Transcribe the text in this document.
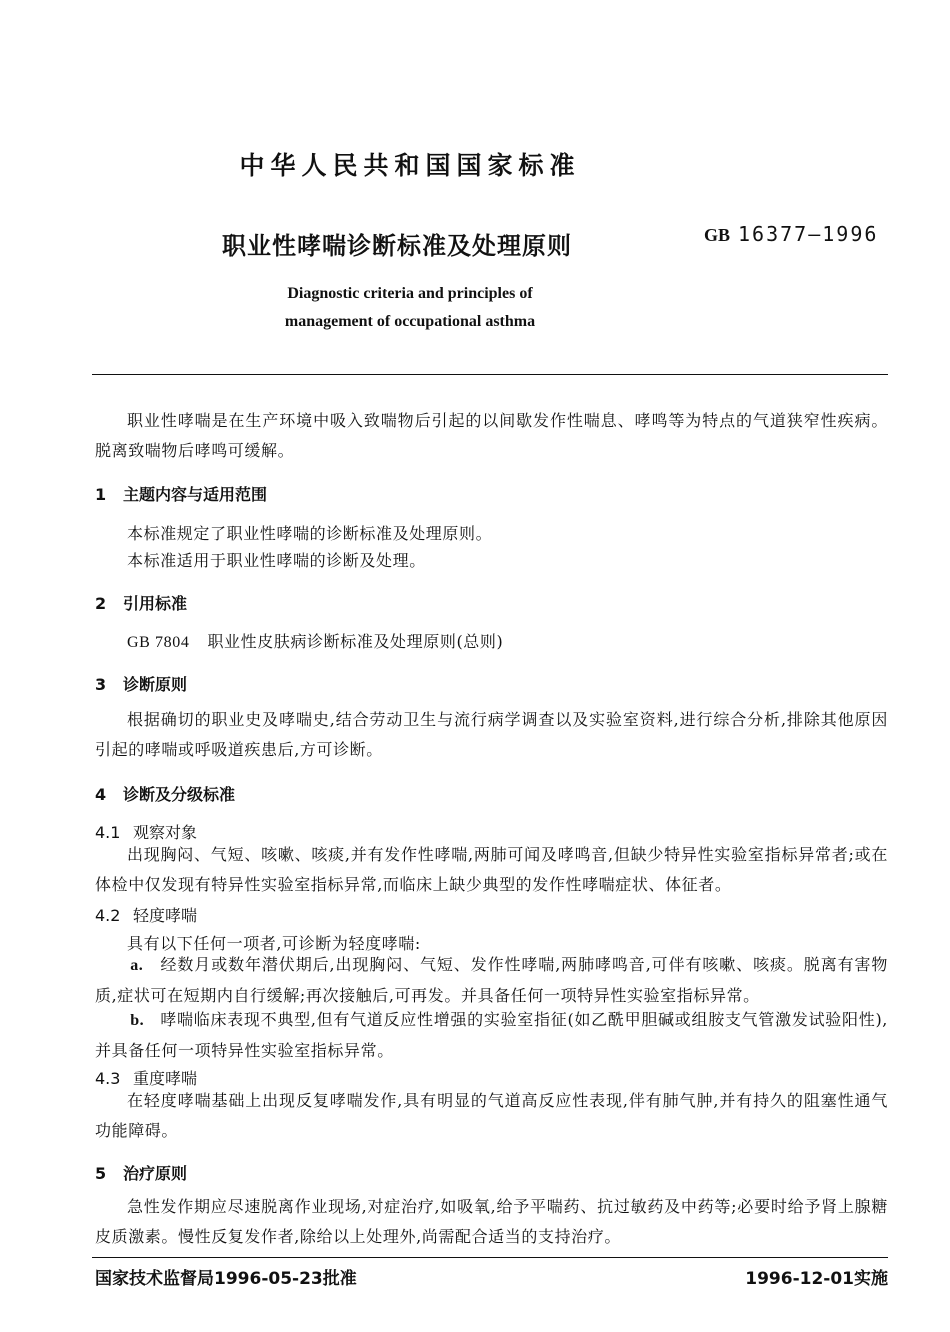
中华人民共和国国家标准
职业性哮喘诊断标准及处理原则	GB 16377—1996
Diagnostic criteria and principles of
management of occupational asthma
职业性哮喘是在生产环境中吸入致喘物后引起的以间歇发作性喘息、哮鸣等为特点的气道狭窄性疾病。脱离致喘物后哮鸣可缓解。
1 主题内容与适用范围
本标准规定了职业性哮喘的诊断标准及处理原则。
本标准适用于职业性哮喘的诊断及处理。
2 引用标准
GB 7804 职业性皮肤病诊断标准及处理原则(总则)
3 诊断原则
根据确切的职业史及哮喘史,结合劳动卫生与流行病学调查以及实验室资料,进行综合分析,排除其他原因引起的哮喘或呼吸道疾患后,方可诊断。
4 诊断及分级标准
4.1 观察对象
出现胸闷、气短、咳嗽、咳痰,并有发作性哮喘,两肺可闻及哮鸣音,但缺少特异性实验室指标异常者;或在体检中仅发现有特异性实验室指标异常,而临床上缺少典型的发作性哮喘症状、体征者。
4.2 轻度哮喘
具有以下任何一项者,可诊断为轻度哮喘:
a. 经数月或数年潜伏期后,出现胸闷、气短、发作性哮喘,两肺哮鸣音,可伴有咳嗽、咳痰。脱离有害物质,症状可在短期内自行缓解;再次接触后,可再发。并具备任何一项特异性实验室指标异常。
b. 哮喘临床表现不典型,但有气道反应性增强的实验室指征(如乙酰甲胆碱或组胺支气管激发试验阳性),并具备任何一项特异性实验室指标异常。
4.3 重度哮喘
在轻度哮喘基础上出现反复哮喘发作,具有明显的气道高反应性表现,伴有肺气肿,并有持久的阻塞性通气功能障碍。
5 治疗原则
急性发作期应尽速脱离作业现场,对症治疗,如吸氧,给予平喘药、抗过敏药及中药等;必要时给予肾上腺糖皮质激素。慢性反复发作者,除给以上处理外,尚需配合适当的支持治疗。
国家技术监督局1996-05-23批准	1996-12-01实施
